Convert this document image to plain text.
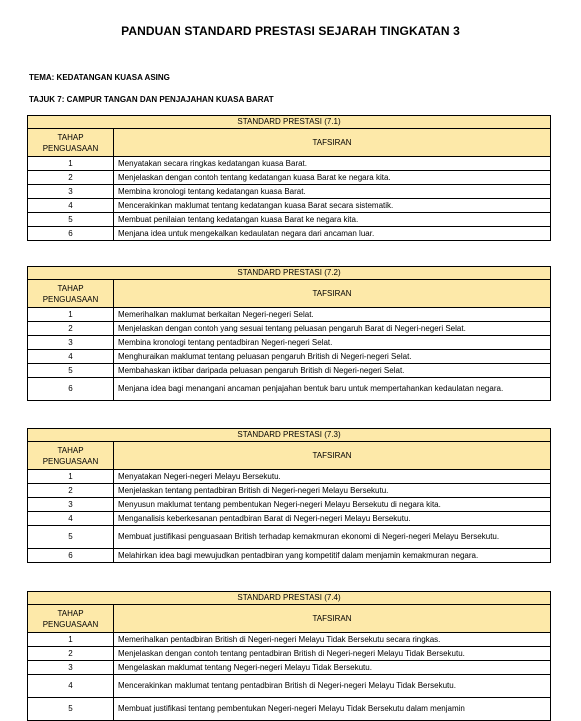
PANDUAN STANDARD PRESTASI SEJARAH TINGKATAN 3
TEMA: KEDATANGAN KUASA ASING
TAJUK 7: CAMPUR TANGAN DAN PENJAJAHAN KUASA BARAT
STANDARD PRESTASI (7.1)	
TAHAP PENGUASAAN	TAFSIRAN
1	Menyatakan secara ringkas kedatangan kuasa Barat.
2	Menjelaskan dengan contoh tentang kedatangan kuasa Barat ke negara kita.
3	Membina kronologi tentang kedatangan kuasa Barat.
4	Mencerakinkan maklumat tentang kedatangan kuasa Barat secara sistematik.
5	Membuat penilaian tentang kedatangan kuasa Barat ke negara kita.
6	Menjana idea untuk mengekalkan kedaulatan negara dari ancaman luar.
STANDARD PRESTASI (7.2)	
TAHAP PENGUASAAN	TAFSIRAN
1	Memerihalkan maklumat berkaitan Negeri-negeri Selat.
2	Menjelaskan dengan contoh yang sesuai tentang peluasan pengaruh Barat di Negeri-negeri Selat.
3	Membina kronologi tentang pentadbiran Negeri-negeri Selat.
4	Menghuraikan maklumat tentang peluasan pengaruh British di Negeri-negeri Selat.
5	Membahaskan iktibar daripada peluasan pengaruh British di Negeri-negeri Selat.
6	Menjana idea bagi menangani ancaman penjajahan bentuk baru untuk mempertahankan kedaulatan negara.
STANDARD PRESTASI (7.3)	
TAHAP PENGUASAAN	TAFSIRAN
1	Menyatakan Negeri-negeri Melayu Bersekutu.
2	Menjelaskan tentang pentadbiran British di Negeri-negeri Melayu Bersekutu.
3	Menyusun maklumat tentang pembentukan Negeri-negeri Melayu Bersekutu di negara kita.
4	Menganalisis keberkesanan pentadbiran Barat di Negeri-negeri Melayu Bersekutu.
5	Membuat justifikasi penguasaan British terhadap kemakmuran ekonomi di Negeri-negeri Melayu Bersekutu.
6	Melahirkan idea bagi mewujudkan pentadbiran yang kompetitif dalam menjamin kemakmuran negara.
STANDARD PRESTASI (7.4)	
TAHAP PENGUASAAN	TAFSIRAN
1	Memerihalkan pentadbiran British di Negeri-negeri Melayu Tidak Bersekutu secara ringkas.
2	Menjelaskan dengan contoh tentang pentadbiran British di Negeri-negeri Melayu Tidak Bersekutu.
3	Mengelaskan maklumat tentang Negeri-negeri Melayu Tidak Bersekutu.
4	Mencerakinkan maklumat tentang pentadbiran British di Negeri-negeri Melayu Tidak Bersekutu.
5	Membuat justifikasi tentang pembentukan Negeri-negeri Melayu Tidak Bersekutu dalam menjamin
